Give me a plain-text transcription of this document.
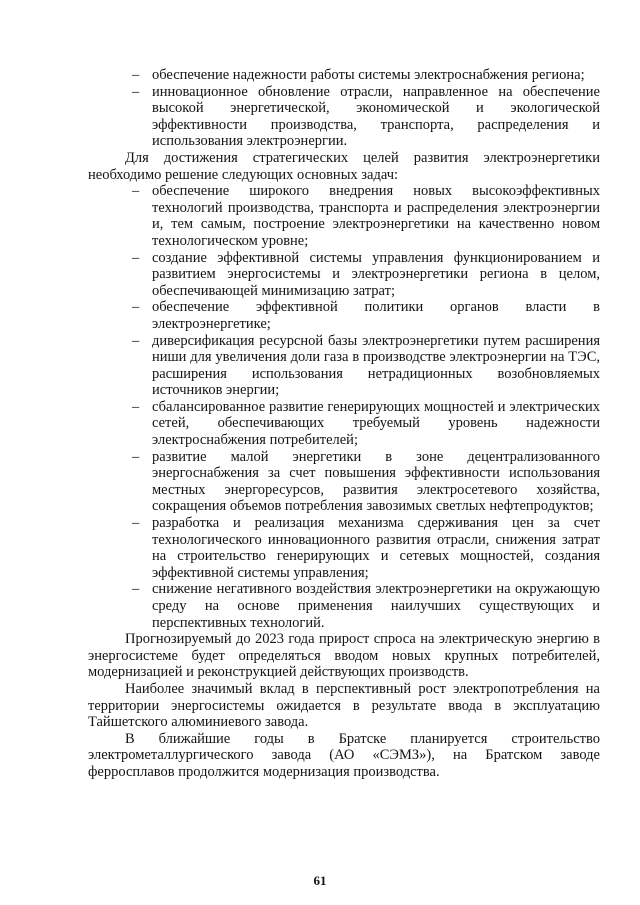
– обеспечение надежности работы системы электроснабжения региона;
– инновационное обновление отрасли, направленное на обеспечение высокой энергетической, экономической и экологической эффективности производства, транспорта, распределения и использования электроэнергии.

Для достижения стратегических целей развития электроэнергетики необходимо решение следующих основных задач:

– обеспечение широкого внедрения новых высокоэффективных технологий производства, транспорта и распределения электроэнергии и, тем самым, построение электроэнергетики на качественно новом технологическом уровне;
– создание эффективной системы управления функционированием и развитием энергосистемы и электроэнергетики региона в целом, обеспечивающей минимизацию затрат;
– обеспечение эффективной политики органов власти в электроэнергетике;
– диверсификация ресурсной базы электроэнергетики путем расширения ниши для увеличения доли газа в производстве электроэнергии на ТЭС, расширения использования нетрадиционных возобновляемых источников энергии;
– сбалансированное развитие генерирующих мощностей и электрических сетей, обеспечивающих требуемый уровень надежности электроснабжения потребителей;
– развитие малой энергетики в зоне децентрализованного энергоснабжения за счет повышения эффективности использования местных энергоресурсов, развития электросетевого хозяйства, сокращения объемов потребления завозимых светлых нефтепродуктов;
– разработка и реализация механизма сдерживания цен за счет технологического инновационного развития отрасли, снижения затрат на строительство генерирующих и сетевых мощностей, создания эффективной системы управления;
– снижение негативного воздействия электроэнергетики на окружающую среду на основе применения наилучших существующих и перспективных технологий.

Прогнозируемый до 2023 года прирост спроса на электрическую энергию в энергосистеме будет определяться вводом новых крупных потребителей, модернизацией и реконструкцией действующих производств.

Наиболее значимый вклад в перспективный рост электропотребления на территории энергосистемы ожидается в результате ввода в эксплуатацию Тайшетского алюминиевого завода.

В ближайшие годы в Братске планируется строительство электрометаллургического завода (АО «СЭМЗ»), на Братском заводе ферросплавов продолжится модернизация производства.

61
